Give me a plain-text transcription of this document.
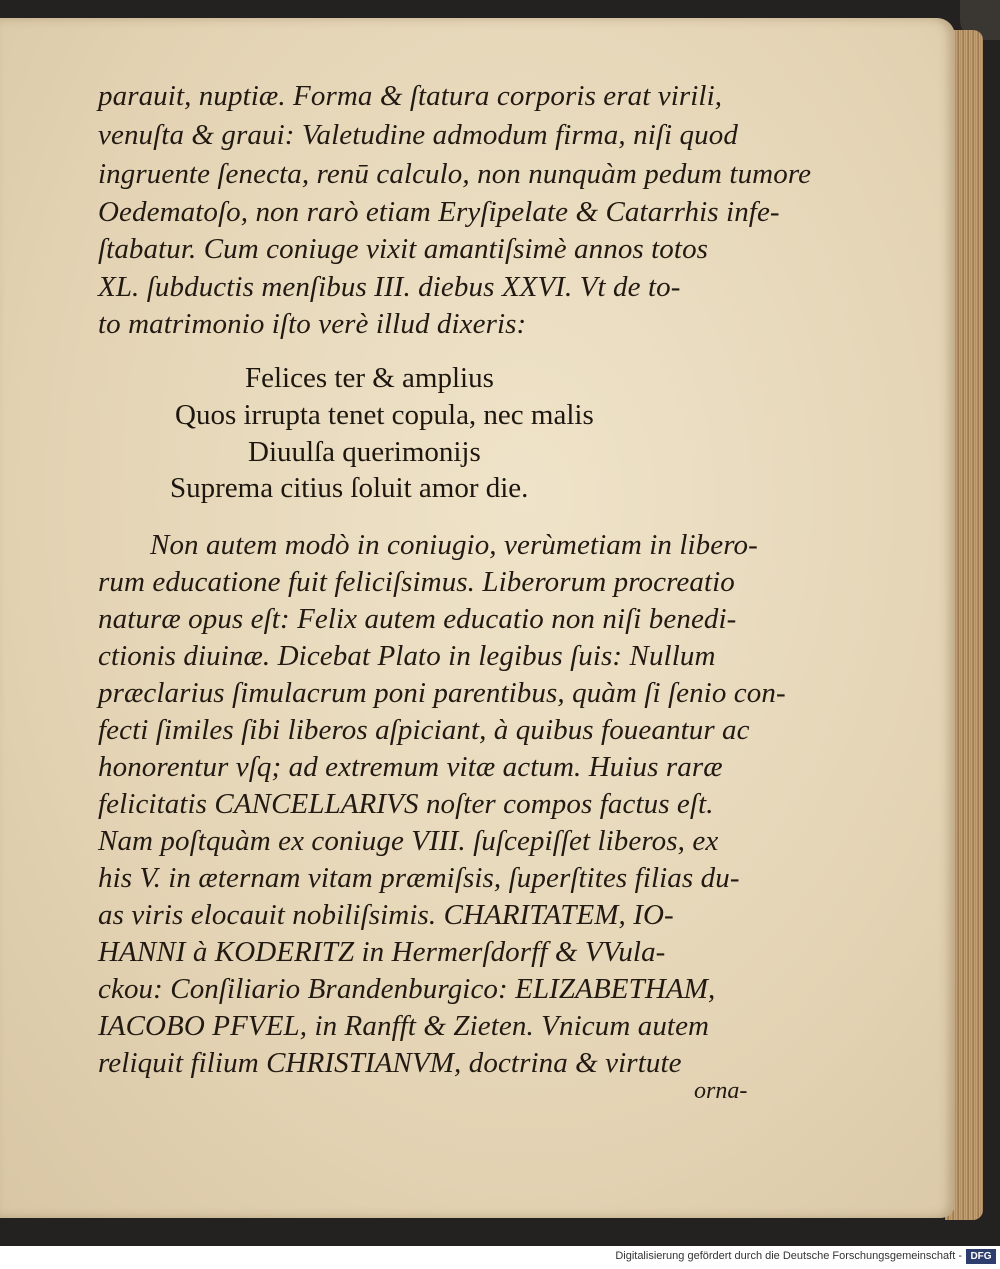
parauit, nuptiæ. Forma & ſtatura corporis erat virili,
venuſta & graui: Valetudine admodum firma, niſi quod
ingruente ſenecta, renū calculo, non nunquàm pedum tumore
Oedematoſo, non rarò etiam Eryſipelate & Catarrhis infe-
ſtabatur. Cum coniuge vixit amantiſsimè annos totos
XL. ſubductis menſibus III. diebus XXVI. Vt de to-
to matrimonio iſto verè illud dixeris:
Felices ter & amplius
Quos irrupta tenet copula, nec malis
Diuulſa querimonijs
Suprema citius ſoluit amor die.
Non autem modò in coniugio, verùmetiam in libero-
rum educatione fuit feliciſsimus. Liberorum procreatio
naturæ opus eſt: Felix autem educatio non niſi benedi-
ctionis diuinæ. Dicebat Plato in legibus ſuis: Nullum
præclarius ſimulacrum poni parentibus, quàm ſi ſenio con-
fecti ſimiles ſibi liberos aſpiciant, à quibus foueantur ac
honorentur vſq; ad extremum vitæ actum. Huius raræ
felicitatis CANCELLARIVS noſter compos factus eſt.
Nam poſtquàm ex coniuge VIII. ſuſcepiſſet liberos, ex
his V. in æternam vitam præmiſsis, ſuperſtites filias du-
as viris elocauit nobiliſsimis. CHARITATEM, IO-
HANNI à KODERITZ in Hermerſdorff & VVula-
ckou: Conſiliario Brandenburgico: ELIZABETHAM,
IACOBO PFVEL, in Ranfft & Zieten. Vnicum autem
reliquit filium CHRISTIANVM, doctrina & virtute
orna-
Digitalisierung gefördert durch die Deutsche Forschungsgemeinschaft - DFG
